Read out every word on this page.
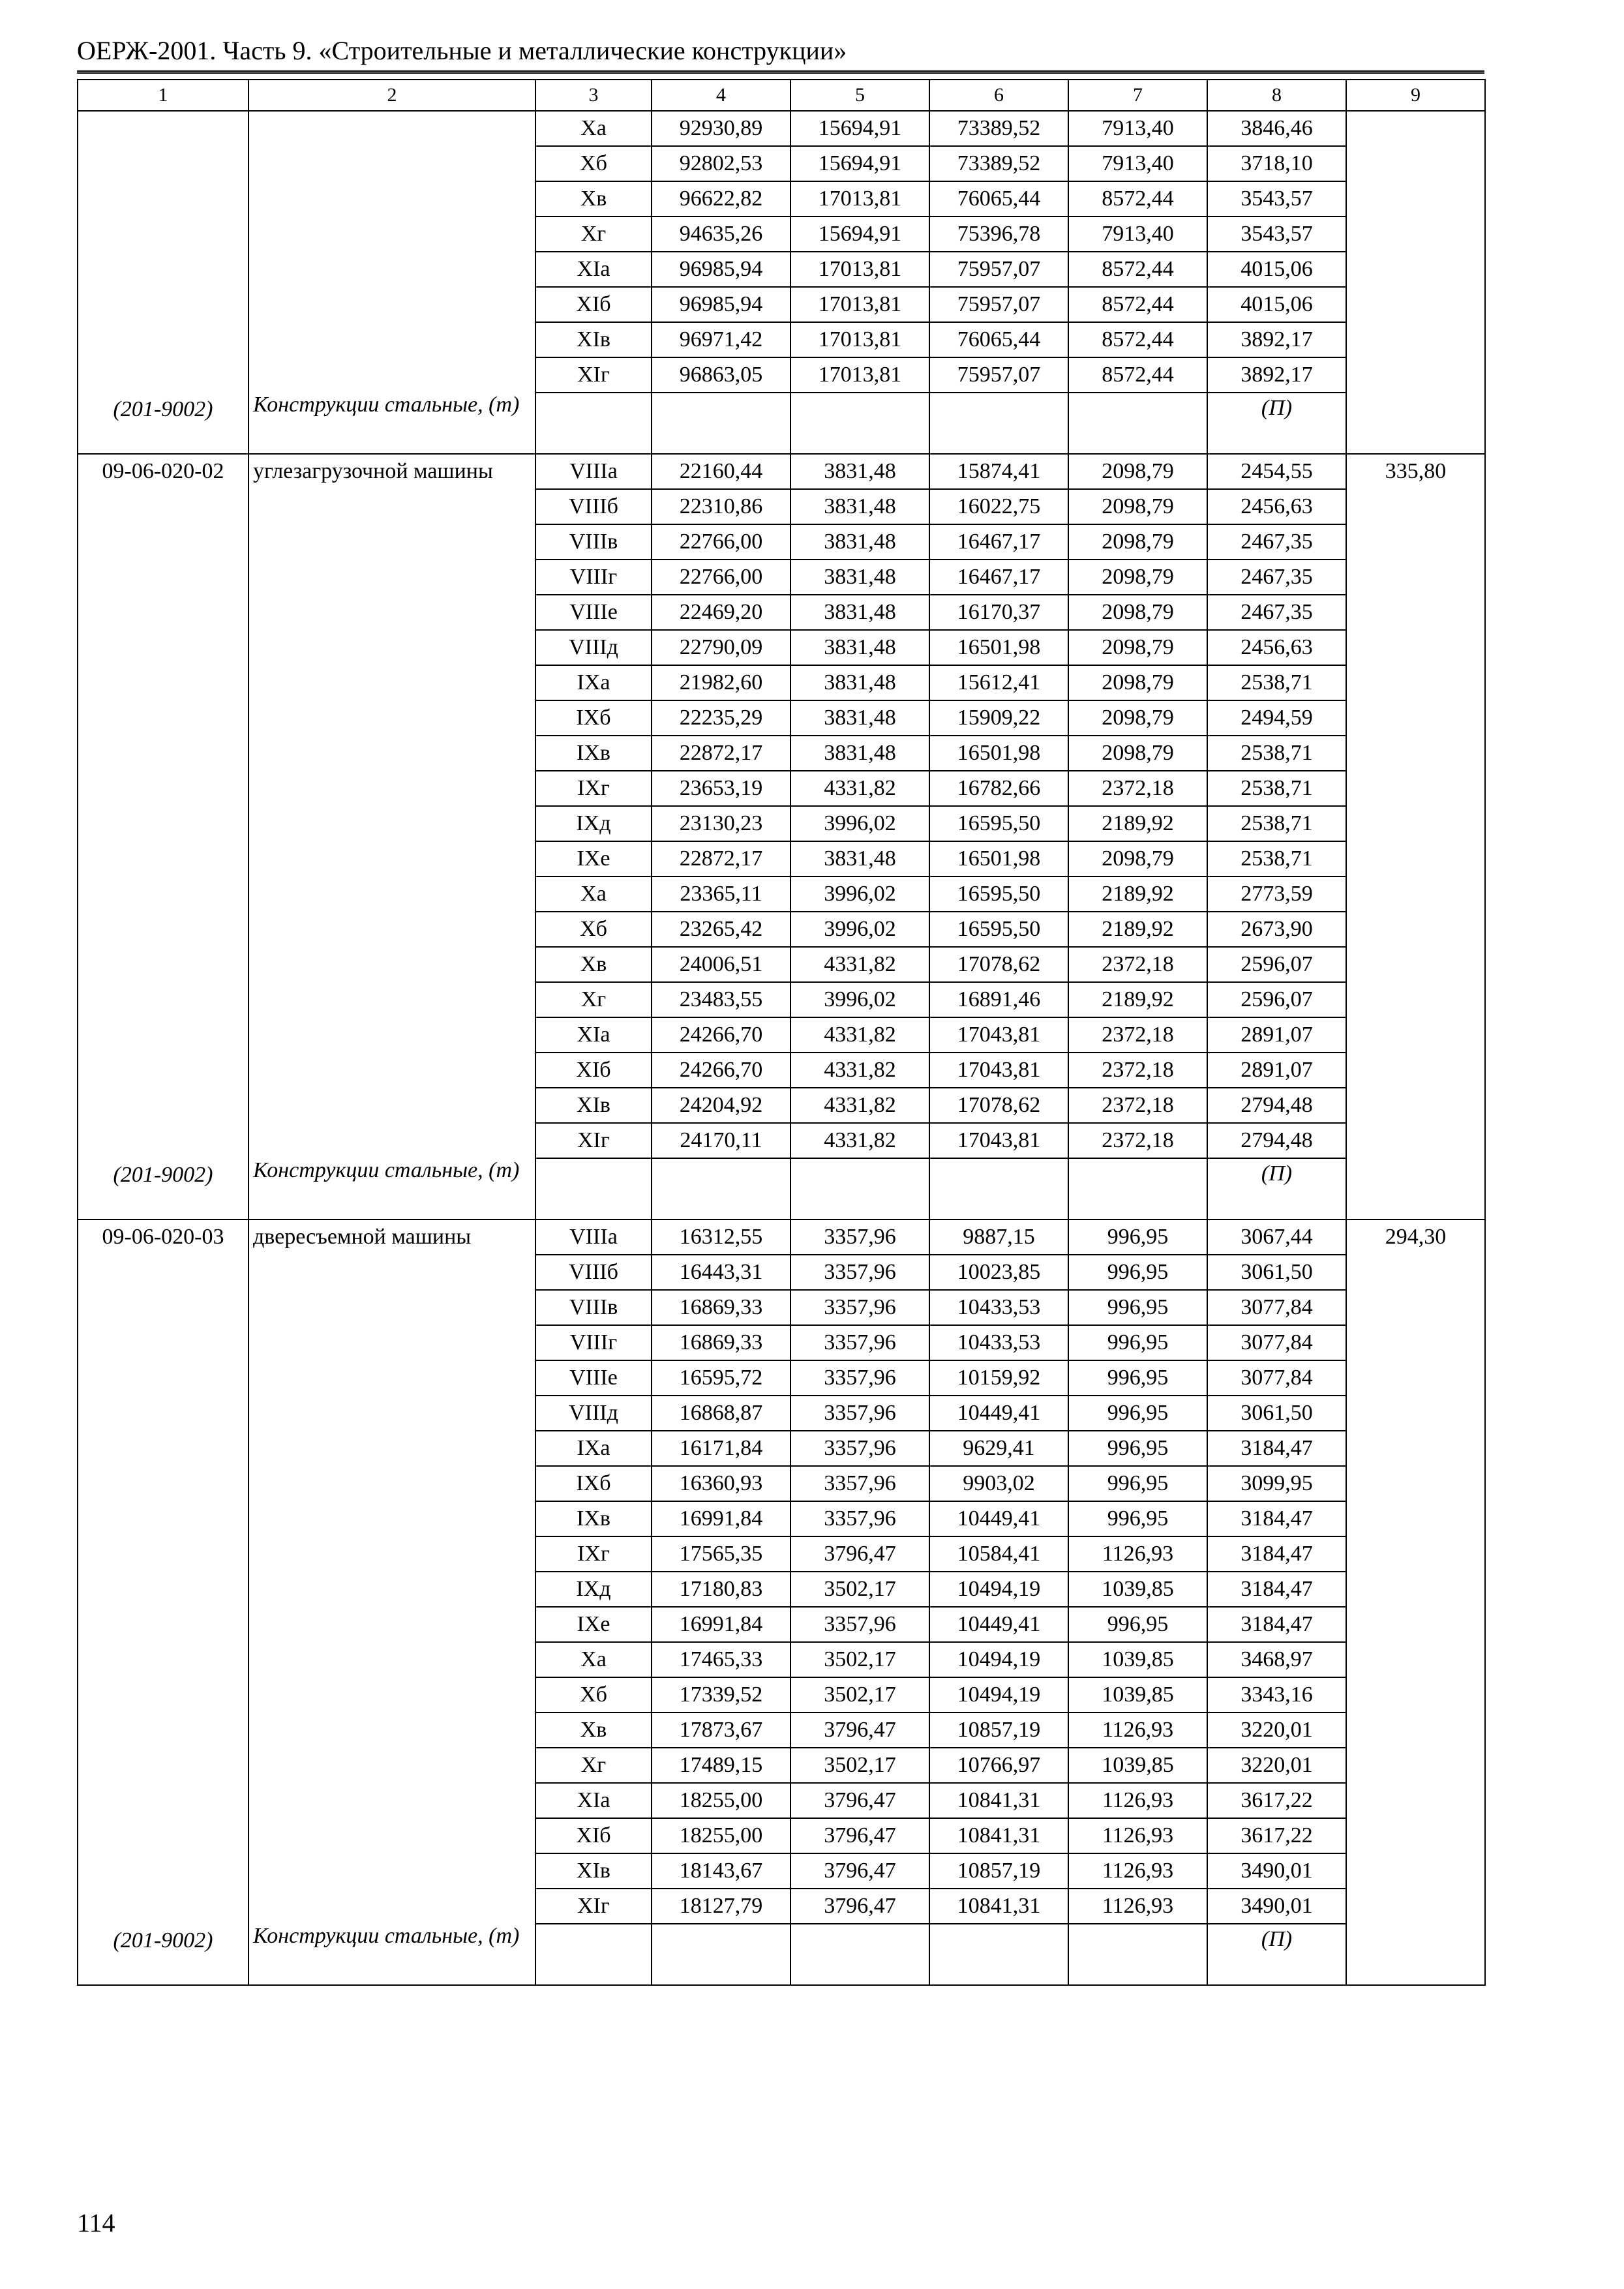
ОЕРЖ-2001. Часть 9. «Строительные и металлические конструкции»
1	2	3	4	5	6	7	8	9
		Xa	92930,89	15694,91	73389,52	7913,40	3846,46	
		Xб	92802,53	15694,91	73389,52	7913,40	3718,10	
		Xв	96622,82	17013,81	76065,44	8572,44	3543,57	
		Xг	94635,26	15694,91	75396,78	7913,40	3543,57	
		XIa	96985,94	17013,81	75957,07	8572,44	4015,06	
		XIб	96985,94	17013,81	75957,07	8572,44	4015,06	
		XIв	96971,42	17013,81	76065,44	8572,44	3892,17	
		XIг	96863,05	17013,81	75957,07	8572,44	3892,17	
(201-9002)	Конструкции стальные, (т)						(П)	
09-06-020-02	углезагрузочной машины	VIIIa	22160,44	3831,48	15874,41	2098,79	2454,55	335,80
		VIIIб	22310,86	3831,48	16022,75	2098,79	2456,63	
		VIIIв	22766,00	3831,48	16467,17	2098,79	2467,35	
		VIIIг	22766,00	3831,48	16467,17	2098,79	2467,35	
		VIIIе	22469,20	3831,48	16170,37	2098,79	2467,35	
		VIIIд	22790,09	3831,48	16501,98	2098,79	2456,63	
		IXa	21982,60	3831,48	15612,41	2098,79	2538,71	
		IXб	22235,29	3831,48	15909,22	2098,79	2494,59	
		IXв	22872,17	3831,48	16501,98	2098,79	2538,71	
		IXг	23653,19	4331,82	16782,66	2372,18	2538,71	
		IXд	23130,23	3996,02	16595,50	2189,92	2538,71	
		IXе	22872,17	3831,48	16501,98	2098,79	2538,71	
		Xa	23365,11	3996,02	16595,50	2189,92	2773,59	
		Xб	23265,42	3996,02	16595,50	2189,92	2673,90	
		Xв	24006,51	4331,82	17078,62	2372,18	2596,07	
		Xг	23483,55	3996,02	16891,46	2189,92	2596,07	
		XIa	24266,70	4331,82	17043,81	2372,18	2891,07	
		XIб	24266,70	4331,82	17043,81	2372,18	2891,07	
		XIв	24204,92	4331,82	17078,62	2372,18	2794,48	
		XIг	24170,11	4331,82	17043,81	2372,18	2794,48	
(201-9002)	Конструкции стальные, (т)						(П)	
09-06-020-03	двересъемной машины	VIIIa	16312,55	3357,96	9887,15	996,95	3067,44	294,30
		VIIIб	16443,31	3357,96	10023,85	996,95	3061,50	
		VIIIв	16869,33	3357,96	10433,53	996,95	3077,84	
		VIIIг	16869,33	3357,96	10433,53	996,95	3077,84	
		VIIIе	16595,72	3357,96	10159,92	996,95	3077,84	
		VIIIд	16868,87	3357,96	10449,41	996,95	3061,50	
		IXa	16171,84	3357,96	9629,41	996,95	3184,47	
		IXб	16360,93	3357,96	9903,02	996,95	3099,95	
		IXв	16991,84	3357,96	10449,41	996,95	3184,47	
		IXг	17565,35	3796,47	10584,41	1126,93	3184,47	
		IXд	17180,83	3502,17	10494,19	1039,85	3184,47	
		IXе	16991,84	3357,96	10449,41	996,95	3184,47	
		Xa	17465,33	3502,17	10494,19	1039,85	3468,97	
		Xб	17339,52	3502,17	10494,19	1039,85	3343,16	
		Xв	17873,67	3796,47	10857,19	1126,93	3220,01	
		Xг	17489,15	3502,17	10766,97	1039,85	3220,01	
		XIa	18255,00	3796,47	10841,31	1126,93	3617,22	
		XIб	18255,00	3796,47	10841,31	1126,93	3617,22	
		XIв	18143,67	3796,47	10857,19	1126,93	3490,01	
		XIг	18127,79	3796,47	10841,31	1126,93	3490,01	
(201-9002)	Конструкции стальные, (т)						(П)	
114
